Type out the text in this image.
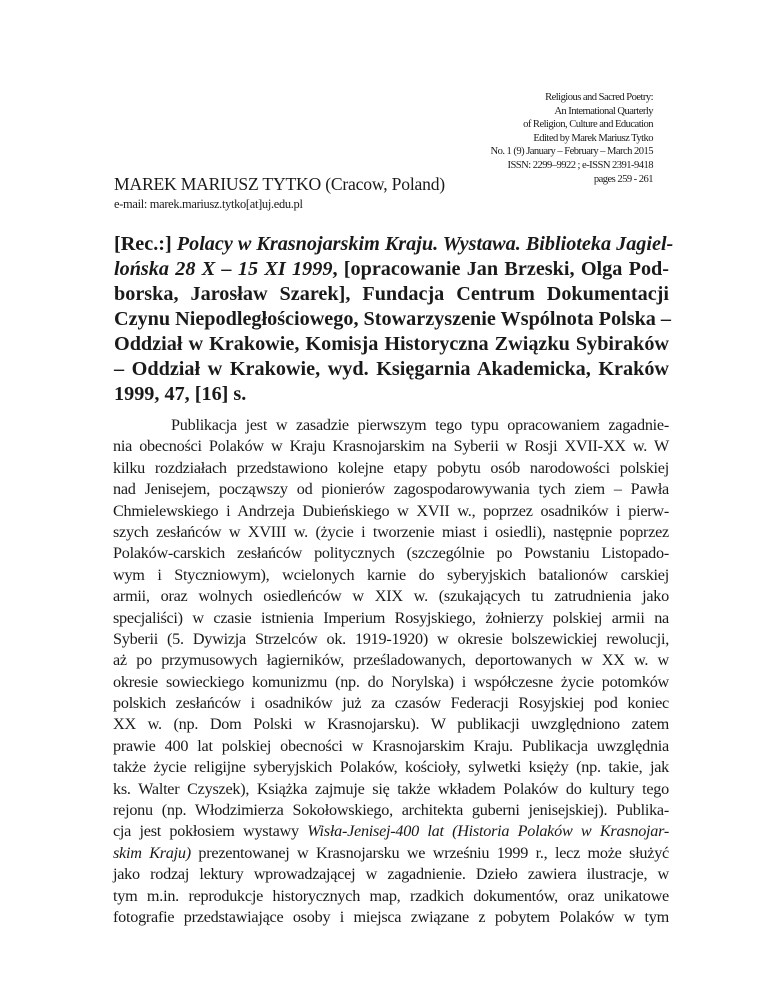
Religious and Sacred Poetry:
An International Quarterly
of Religion, Culture and Education
Edited by Marek Mariusz Tytko
No. 1 (9) January – February – March 2015
ISSN: 2299–9922 ; e-ISSN 2391-9418
pages 259 - 261
MAREK MARIUSZ TYTKO (Cracow, Poland)
e-mail: marek.mariusz.tytko[at]uj.edu.pl
[Rec.:] Polacy w Krasnojarskim Kraju. Wystawa. Biblioteka Jagiel-
lońska 28 X – 15 XI 1999, [opracowanie Jan Brzeski, Olga Pod-
borska, Jarosław Szarek], Fundacja Centrum Dokumentacji
Czynu Niepodległościowego, Stowarzyszenie Wspólnota Polska –
Oddział w Krakowie, Komisja Historyczna Związku Sybiraków
– Oddział w Krakowie, wyd. Księgarnia Akademicka, Kraków
1999, 47, [16] s.
Publikacja jest w zasadzie pierwszym tego typu opracowaniem zagadnie-
nia obecności Polaków w Kraju Krasnojarskim na Syberii w Rosji XVII-XX w. W
kilku rozdziałach przedstawiono kolejne etapy pobytu osób narodowości polskiej
nad Jenisejem, począwszy od pionierów zagospodarowywania tych ziem – Pawła
Chmielewskiego i Andrzeja Dubieńskiego w XVII w., poprzez osadników i pierw-
szych zesłańców w XVIII w. (życie i tworzenie miast i osiedli), następnie poprzez
Polaków-carskich zesłańców politycznych (szczególnie po Powstaniu Listopado-
wym i Styczniowym), wcielonych karnie do syberyjskich batalionów carskiej
armii, oraz wolnych osiedleńców w XIX w. (szukających tu zatrudnienia jako
specjaliści) w czasie istnienia Imperium Rosyjskiego, żołnierzy polskiej armii na
Syberii (5. Dywizja Strzelców ok. 1919-1920) w okresie bolszewickiej rewolucji,
aż po przymusowych łagierników, prześladowanych, deportowanych w XX w. w
okresie sowieckiego komunizmu (np. do Norylska) i współczesne życie potomków
polskich zesłańców i osadników już za czasów Federacji Rosyjskiej pod koniec
XX w. (np. Dom Polski w Krasnojarsku). W publikacji uwzględniono zatem
prawie 400 lat polskiej obecności w Krasnojarskim Kraju. Publikacja uwzględnia
także życie religijne syberyjskich Polaków, kościoły, sylwetki księży (np. takie, jak
ks. Walter Czyszek), Książka zajmuje się także wkładem Polaków do kultury tego
rejonu (np. Włodzimierza Sokołowskiego, architekta guberni jenisejskiej). Publika-
cja jest pokłosiem wystawy Wisła-Jenisej-400 lat (Historia Polaków w Krasnojar-
skim Kraju) prezentowanej w Krasnojarsku we wrześniu 1999 r., lecz może służyć
jako rodzaj lektury wprowadzającej w zagadnienie. Dzieło zawiera ilustracje, w
tym m.in. reprodukcje historycznych map, rzadkich dokumentów, oraz unikatowe
fotografie przedstawiające osoby i miejsca związane z pobytem Polaków w tym
